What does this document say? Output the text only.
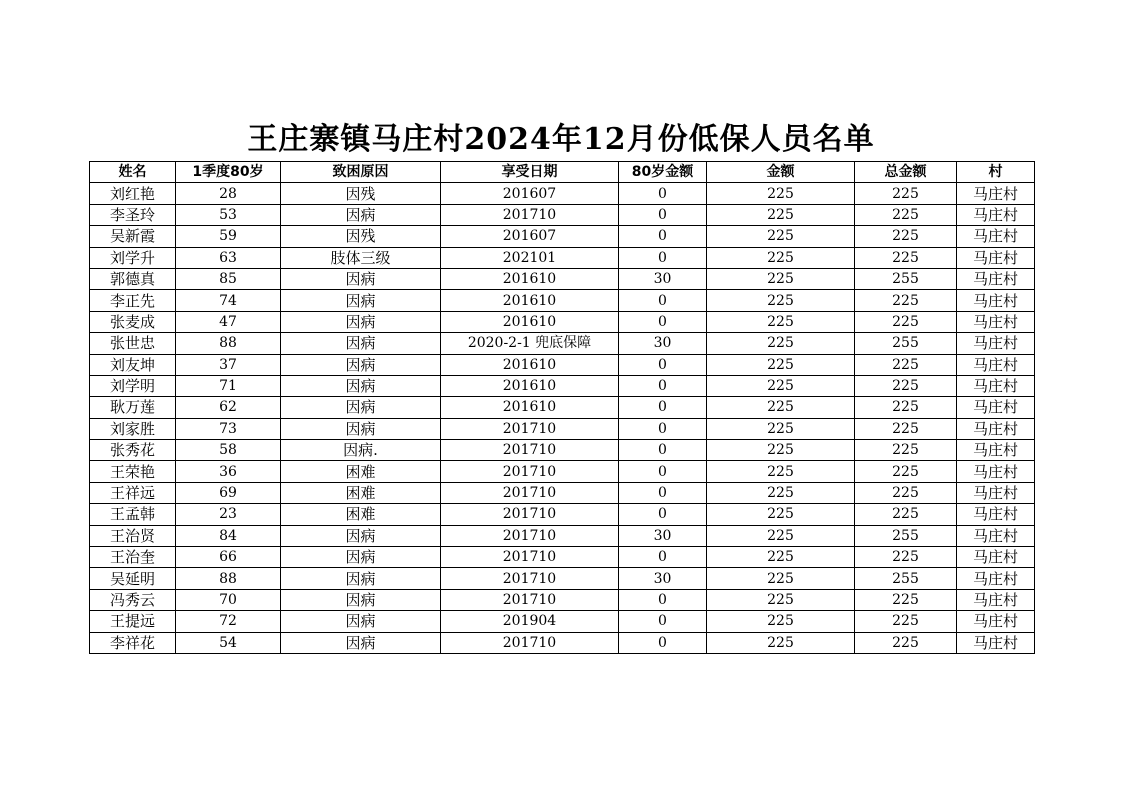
王庄寨镇马庄村2024年12月份低保人员名单
姓名	1季度80岁	致困原因	享受日期	80岁金额	金额	总金额	村
刘红艳	28	因残	201607	0	225	225	马庄村
李圣玲	53	因病	201710	0	225	225	马庄村
吴新霞	59	因残	201607	0	225	225	马庄村
刘学升	63	肢体三级	202101	0	225	225	马庄村
郭德真	85	因病	201610	30	225	255	马庄村
李正先	74	因病	201610	0	225	225	马庄村
张麦成	47	因病	201610	0	225	225	马庄村
张世忠	88	因病	2020-2-1 兜底保障	30	225	255	马庄村
刘友坤	37	因病	201610	0	225	225	马庄村
刘学明	71	因病	201610	0	225	225	马庄村
耿万莲	62	因病	201610	0	225	225	马庄村
刘家胜	73	因病	201710	0	225	225	马庄村
张秀花	58	因病.	201710	0	225	225	马庄村
王荣艳	36	困难	201710	0	225	225	马庄村
王祥远	69	困难	201710	0	225	225	马庄村
王孟韩	23	困难	201710	0	225	225	马庄村
王治贤	84	因病	201710	30	225	255	马庄村
王治奎	66	因病	201710	0	225	225	马庄村
吴延明	88	因病	201710	30	225	255	马庄村
冯秀云	70	因病	201710	0	225	225	马庄村
王提远	72	因病	201904	0	225	225	马庄村
李祥花	54	因病	201710	0	225	225	马庄村
